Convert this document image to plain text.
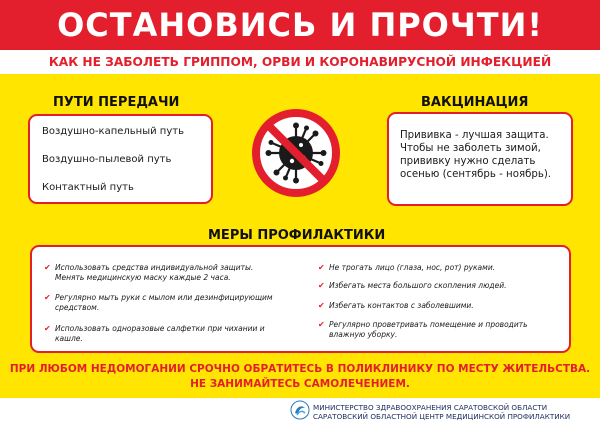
ОСТАНОВИСЬ И ПРОЧТИ!
КАК НЕ ЗАБОЛЕТЬ ГРИППОМ, ОРВИ И КОРОНАВИРУСНОЙ ИНФЕКЦИЕЙ
ПУТИ ПЕРЕДАЧИ
Воздушно-капельный путь
Воздушно-пылевой путь
Контактный путь
ВАКЦИНАЦИЯ
Прививка - лучшая защита.
Чтобы не заболеть зимой,
прививку нужно сделать
осенью (сентябрь - ноябрь).
МЕРЫ ПРОФИЛАКТИКИ
✔ Использовать средства индивидуальной защиты.
Менять медицинскую маску каждые 2 часа.
✔ Регулярно мыть руки с мылом или дезинфицирующим
средством.
✔ Использовать одноразовые салфетки при чихании и
кашле.
✔ Не трогать лицо (глаза, нос, рот) руками.
✔ Избегать места большого скопления людей.
✔ Избегать контактов с заболевшими.
✔ Регулярно проветривать помещение и проводить
влажную уборку.
ПРИ ЛЮБОМ НЕДОМОГАНИИ СРОЧНО ОБРАТИТЕСЬ В ПОЛИКЛИНИКУ ПО МЕСТУ ЖИТЕЛЬСТВА.
НЕ ЗАНИМАЙТЕСЬ САМОЛЕЧЕНИЕМ.
МИНИСТЕРСТВО ЗДРАВООХРАНЕНИЯ САРАТОВСКОЙ ОБЛАСТИ
САРАТОВСКИЙ ОБЛАСТНОЙ ЦЕНТР МЕДИЦИНСКОЙ ПРОФИЛАКТИКИ
